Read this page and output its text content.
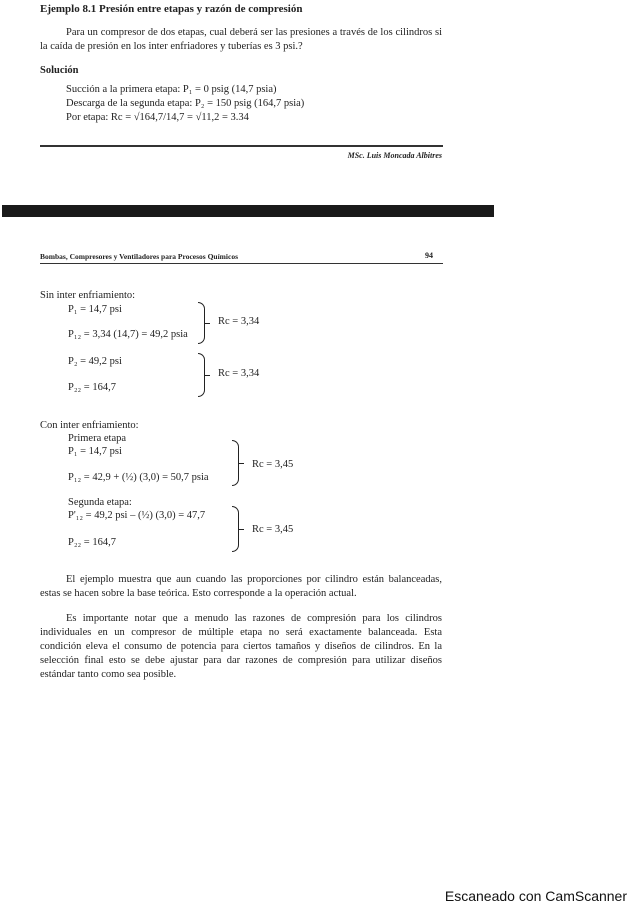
Ejemplo 8.1 Presión entre etapas y razón de compresión
Para un compresor de dos etapas, cual deberá ser las presiones a través de los cilindros si la caída de presión en los inter enfriadores y tuberías es 3 psi.?
Solución
Succión a la primera etapa: P₁ = 0 psig (14,7 psia)
Descarga de la segunda etapa: P₂ = 150 psig (164,7 psia)
Por etapa: Rc = √164,7/14,7 = √11,2 = 3.34
MSc. Luis Moncada Albitres
Bombas, Compresores y Ventiladores para Procesos Químicos	94
Sin inter enfriamiento:
P₁ = 14,7 psi
P₁₂ = 3,34 (14,7) = 49,2 psia
Rc = 3,34
P₂ = 49,2 psi
P₂₂ = 164,7
Rc = 3,34
Con inter enfriamiento:
Primera etapa
P₁ = 14,7 psi
P₁₂ = 42,9 + (½) (3,0) = 50,7 psia
Rc = 3,45
Segunda etapa:
P'₁₂ = 49,2 psi – (½) (3,0) = 47,7
P₂₂ = 164,7
Rc = 3,45
El ejemplo muestra que aun cuando las proporciones por cilindro están balanceadas, estas se hacen sobre la base teórica. Esto corresponde a la operación actual.
Es importante notar que a menudo las razones de compresión para los cilindros individuales en un compresor de múltiple etapa no será exactamente balanceada. Esta condición eleva el consumo de potencia para ciertos tamaños y diseños de cilindros. En la selección final esto se debe ajustar para dar razones de compresión para utilizar diseños estándar tanto como sea posible.
Escaneado con CamScanner
